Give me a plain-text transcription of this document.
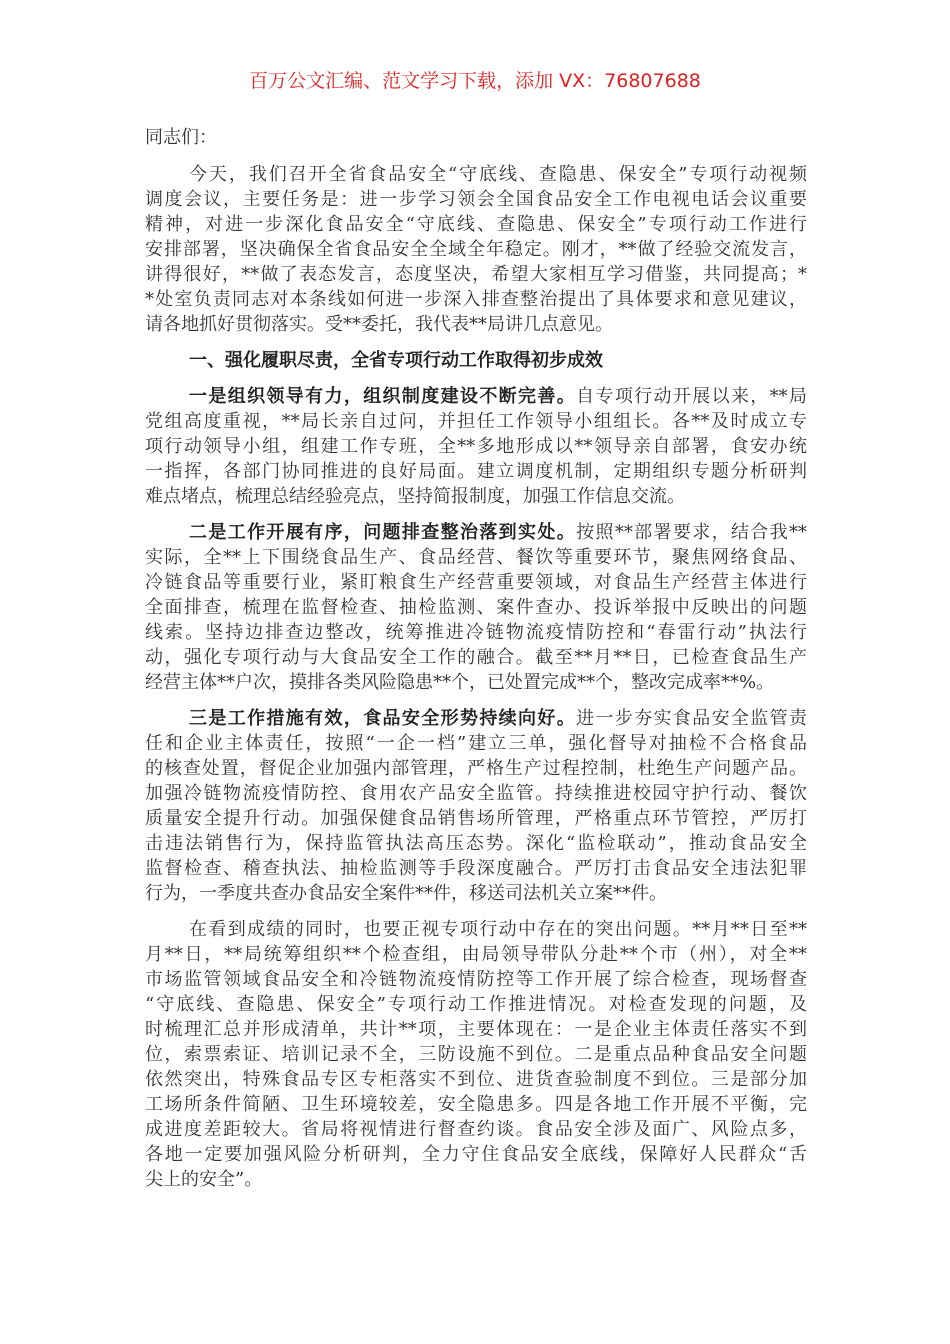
百万公文汇编、范文学习下载，添加 VX：76807688
同志们：
今天，我们召开全省食品安全“守底线、查隐患、保安全”专项行动视频
调度会议，主要任务是：进一步学习领会全国食品安全工作电视电话会议重要
精神，对进一步深化食品安全“守底线、查隐患、保安全”专项行动工作进行
安排部署，坚决确保全省食品安全全域全年稳定。刚才，**做了经验交流发言，
讲得很好，**做了表态发言，态度坚决，希望大家相互学习借鉴，共同提高；*
*处室负责同志对本条线如何进一步深入排查整治提出了具体要求和意见建议，
请各地抓好贯彻落实。受**委托，我代表**局讲几点意见。
一、强化履职尽责，全省专项行动工作取得初步成效
一是组织领导有力，组织制度建设不断完善。自专项行动开展以来，**局
党组高度重视，**局长亲自过问，并担任工作领导小组组长。各**及时成立专
项行动领导小组，组建工作专班，全**多地形成以**领导亲自部署，食安办统
一指挥，各部门协同推进的良好局面。建立调度机制，定期组织专题分析研判
难点堵点，梳理总结经验亮点，坚持简报制度，加强工作信息交流。
二是工作开展有序，问题排查整治落到实处。按照**部署要求，结合我**
实际，全**上下围绕食品生产、食品经营、餐饮等重要环节，聚焦网络食品、
冷链食品等重要行业，紧盯粮食生产经营重要领域，对食品生产经营主体进行
全面排查，梳理在监督检查、抽检监测、案件查办、投诉举报中反映出的问题
线索。坚持边排查边整改，统筹推进冷链物流疫情防控和“春雷行动”执法行
动，强化专项行动与大食品安全工作的融合。截至**月**日，已检查食品生产
经营主体**户次，摸排各类风险隐患**个，已处置完成**个，整改完成率**%。
三是工作措施有效，食品安全形势持续向好。进一步夯实食品安全监管责
任和企业主体责任，按照“一企一档”建立三单，强化督导对抽检不合格食品
的核查处置，督促企业加强内部管理，严格生产过程控制，杜绝生产问题产品。
加强冷链物流疫情防控、食用农产品安全监管。持续推进校园守护行动、餐饮
质量安全提升行动。加强保健食品销售场所管理，严格重点环节管控，严厉打
击违法销售行为，保持监管执法高压态势。深化“监检联动”，推动食品安全
监督检查、稽查执法、抽检监测等手段深度融合。严厉打击食品安全违法犯罪
行为，一季度共查办食品安全案件**件，移送司法机关立案**件。
在看到成绩的同时，也要正视专项行动中存在的突出问题。**月**日至**
月**日，**局统筹组织**个检查组，由局领导带队分赴**个市（州），对全**
市场监管领域食品安全和冷链物流疫情防控等工作开展了综合检查，现场督查
“守底线、查隐患、保安全”专项行动工作推进情况。对检查发现的问题，及
时梳理汇总并形成清单，共计**项，主要体现在：一是企业主体责任落实不到
位，索票索证、培训记录不全，三防设施不到位。二是重点品种食品安全问题
依然突出，特殊食品专区专柜落实不到位、进货查验制度不到位。三是部分加
工场所条件简陋、卫生环境较差，安全隐患多。四是各地工作开展不平衡，完
成进度差距较大。省局将视情进行督查约谈。食品安全涉及面广、风险点多，
各地一定要加强风险分析研判，全力守住食品安全底线，保障好人民群众“舌
尖上的安全”。
